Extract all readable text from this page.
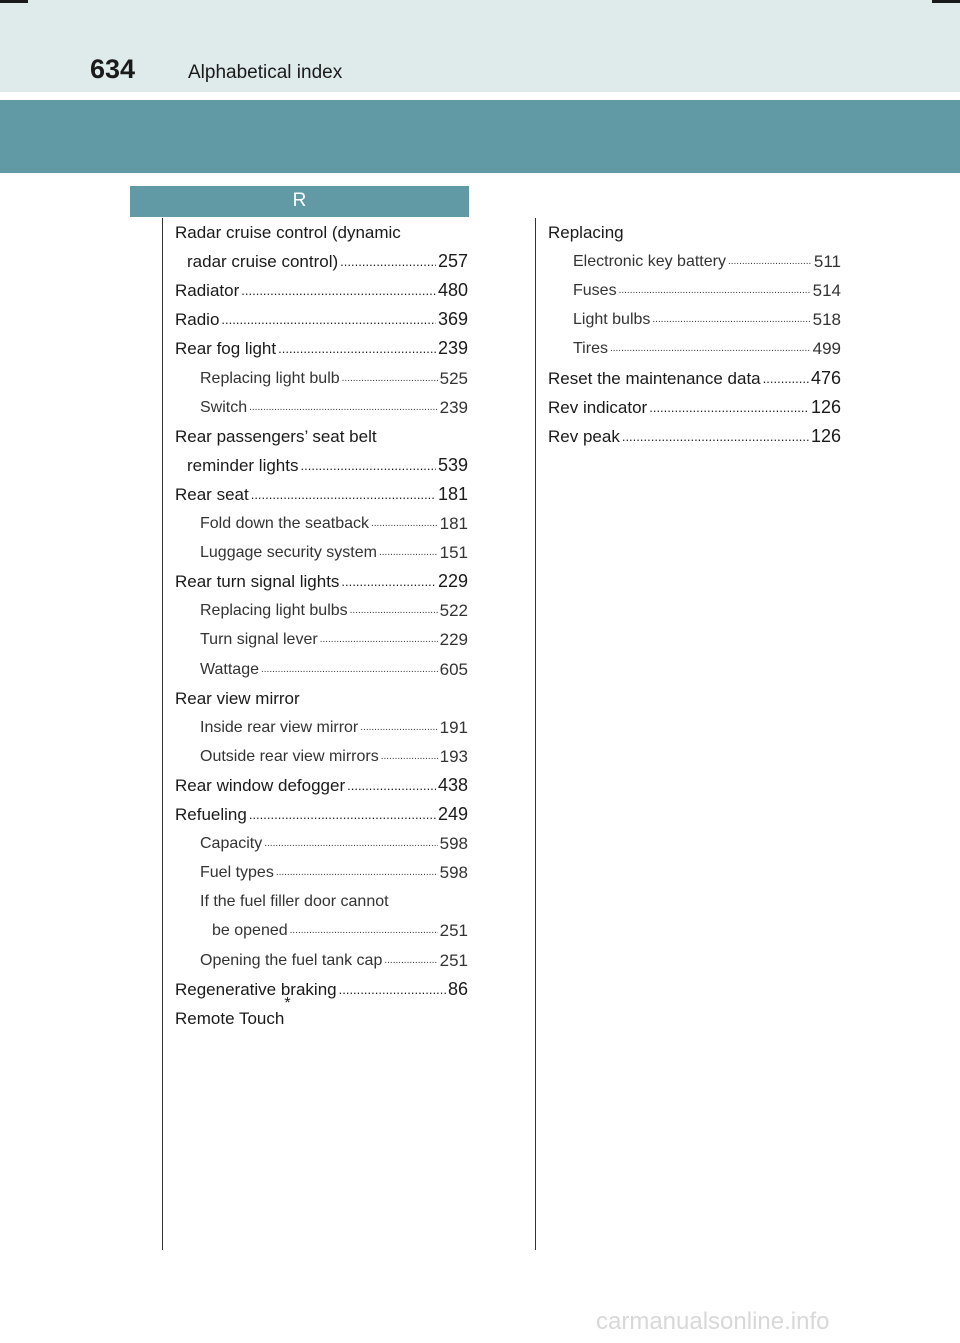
634	Alphabetical index
R
Radar cruise control (dynamic
radar cruise control) .....	257
Radiator .....	480
Radio .....	369
Rear fog light .....	239
Replacing light bulb .....	525
Switch .....	239
Rear passengers’ seat belt
reminder lights .....	539
Rear seat .....	181
Fold down the seatback .....	181
Luggage security system .....	151
Rear turn signal lights .....	229
Replacing light bulbs .....	522
Turn signal lever .....	229
Wattage .....	605
Rear view mirror
Inside rear view mirror .....	191
Outside rear view mirrors .....	193
Rear window defogger .....	438
Refueling .....	249
Capacity .....	598
Fuel types .....	598
If the fuel filler door cannot
be opened .....	251
Opening the fuel tank cap .....	251
Regenerative braking .....	86
Remote Touch
*
Replacing
Electronic key battery .....	511
Fuses .....	514
Light bulbs .....	518
Tires .....	499
Reset the maintenance data .....	476
Rev indicator .....	126
Rev peak .....	126
carmanualsonline.info
